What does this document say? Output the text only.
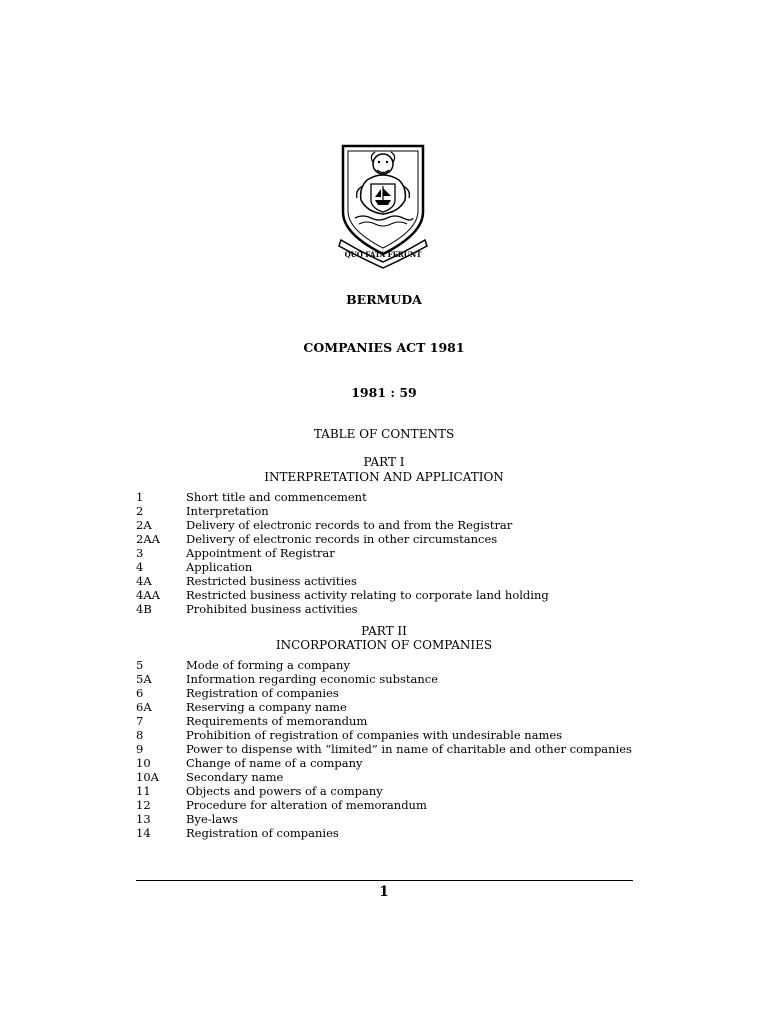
QUO FATA FERUNT
BERMUDA
COMPANIES ACT 1981
1981 : 59
TABLE OF CONTENTS
PART I
INTERPRETATION AND APPLICATION
1	Short title and commencement
2	Interpretation
2A	Delivery of electronic records to and from the Registrar
2AA	Delivery of electronic records in other circumstances
3	Appointment of Registrar
4	Application
4A	Restricted business activities
4AA	Restricted business activity relating to corporate land holding
4B	Prohibited business activities
PART II
INCORPORATION OF COMPANIES
5	Mode of forming a company
5A	Information regarding economic substance
6	Registration of companies
6A	Reserving a company name
7	Requirements of memorandum
8	Prohibition of registration of companies with undesirable names
9	Power to dispense with “limited” in name of charitable and other companies
10	Change of name of a company
10A	Secondary name
11	Objects and powers of a company
12	Procedure for alteration of memorandum
13	Bye-laws
14	Registration of companies
1
